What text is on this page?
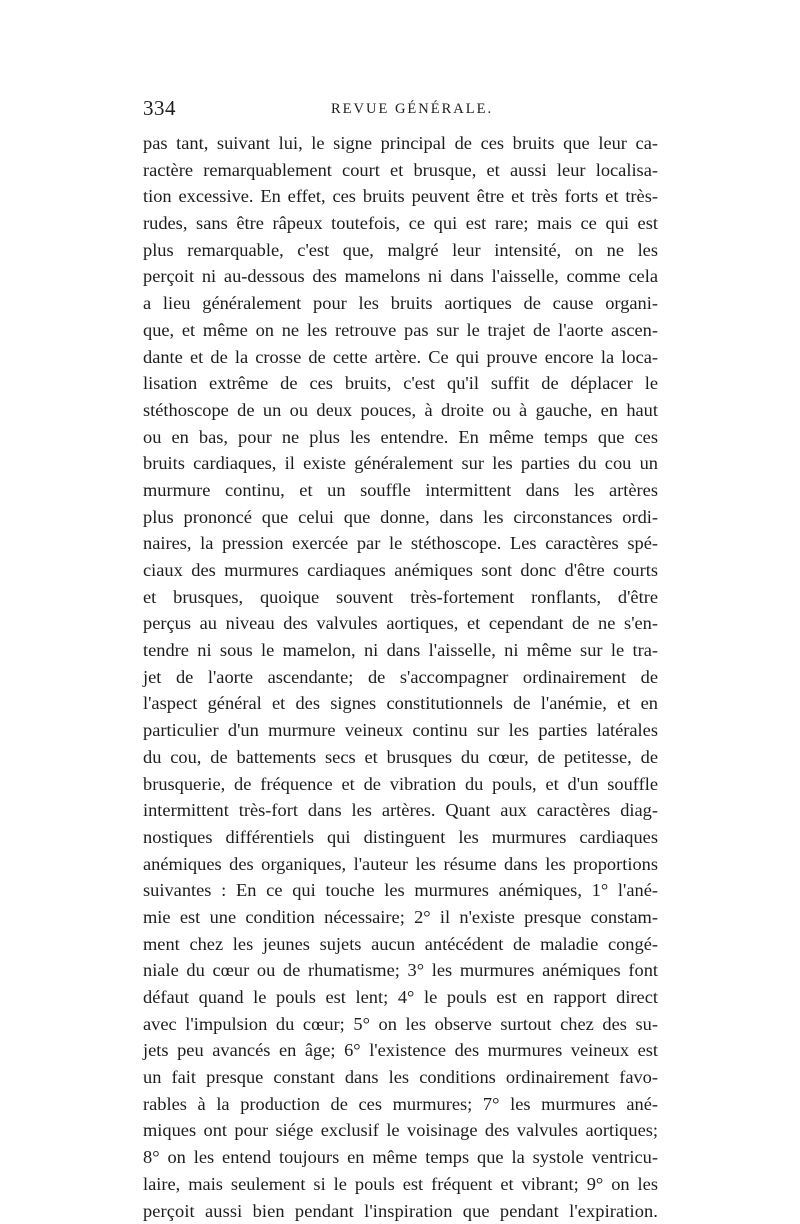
334	REVUE GÉNÉRALE.
pas tant, suivant lui, le signe principal de ces bruits que leur ca-
ractère remarquablement court et brusque, et aussi leur localisa-
tion excessive. En effet, ces bruits peuvent être et très forts et très-
rudes, sans être râpeux toutefois, ce qui est rare; mais ce qui est
plus remarquable, c'est que, malgré leur intensité, on ne les
perçoit ni au-dessous des mamelons ni dans l'aisselle, comme cela
a lieu généralement pour les bruits aortiques de cause organi-
que, et même on ne les retrouve pas sur le trajet de l'aorte ascen-
dante et de la crosse de cette artère. Ce qui prouve encore la loca-
lisation extrême de ces bruits, c'est qu'il suffit de déplacer le
stéthoscope de un ou deux pouces, à droite ou à gauche, en haut
ou en bas, pour ne plus les entendre. En même temps que ces
bruits cardiaques, il existe généralement sur les parties du cou un
murmure continu, et un souffle intermittent dans les artères
plus prononcé que celui que donne, dans les circonstances ordi-
naires, la pression exercée par le stéthoscope. Les caractères spé-
ciaux des murmures cardiaques anémiques sont donc d'être courts
et brusques, quoique souvent très-fortement ronflants, d'être
perçus au niveau des valvules aortiques, et cependant de ne s'en-
tendre ni sous le mamelon, ni dans l'aisselle, ni même sur le tra-
jet de l'aorte ascendante; de s'accompagner ordinairement de
l'aspect général et des signes constitutionnels de l'anémie, et en
particulier d'un murmure veineux continu sur les parties latérales
du cou, de battements secs et brusques du cœur, de petitesse, de
brusquerie, de fréquence et de vibration du pouls, et d'un souffle
intermittent très-fort dans les artères. Quant aux caractères diag-
nostiques différentiels qui distinguent les murmures cardiaques
anémiques des organiques, l'auteur les résume dans les proportions
suivantes : En ce qui touche les murmures anémiques, 1° l'ané-
mie est une condition nécessaire; 2° il n'existe presque constam-
ment chez les jeunes sujets aucun antécédent de maladie congé-
niale du cœur ou de rhumatisme; 3° les murmures anémiques font
défaut quand le pouls est lent; 4° le pouls est en rapport direct
avec l'impulsion du cœur; 5° on les observe surtout chez des su-
jets peu avancés en âge; 6° l'existence des murmures veineux est
un fait presque constant dans les conditions ordinairement favo-
rables à la production de ces murmures; 7° les murmures ané-
miques ont pour siége exclusif le voisinage des valvules aortiques;
8° on les entend toujours en même temps que la systole ventricu-
laire, mais seulement si le pouls est fréquent et vibrant; 9° on les
perçoit aussi bien pendant l'inspiration que pendant l'expiration.
